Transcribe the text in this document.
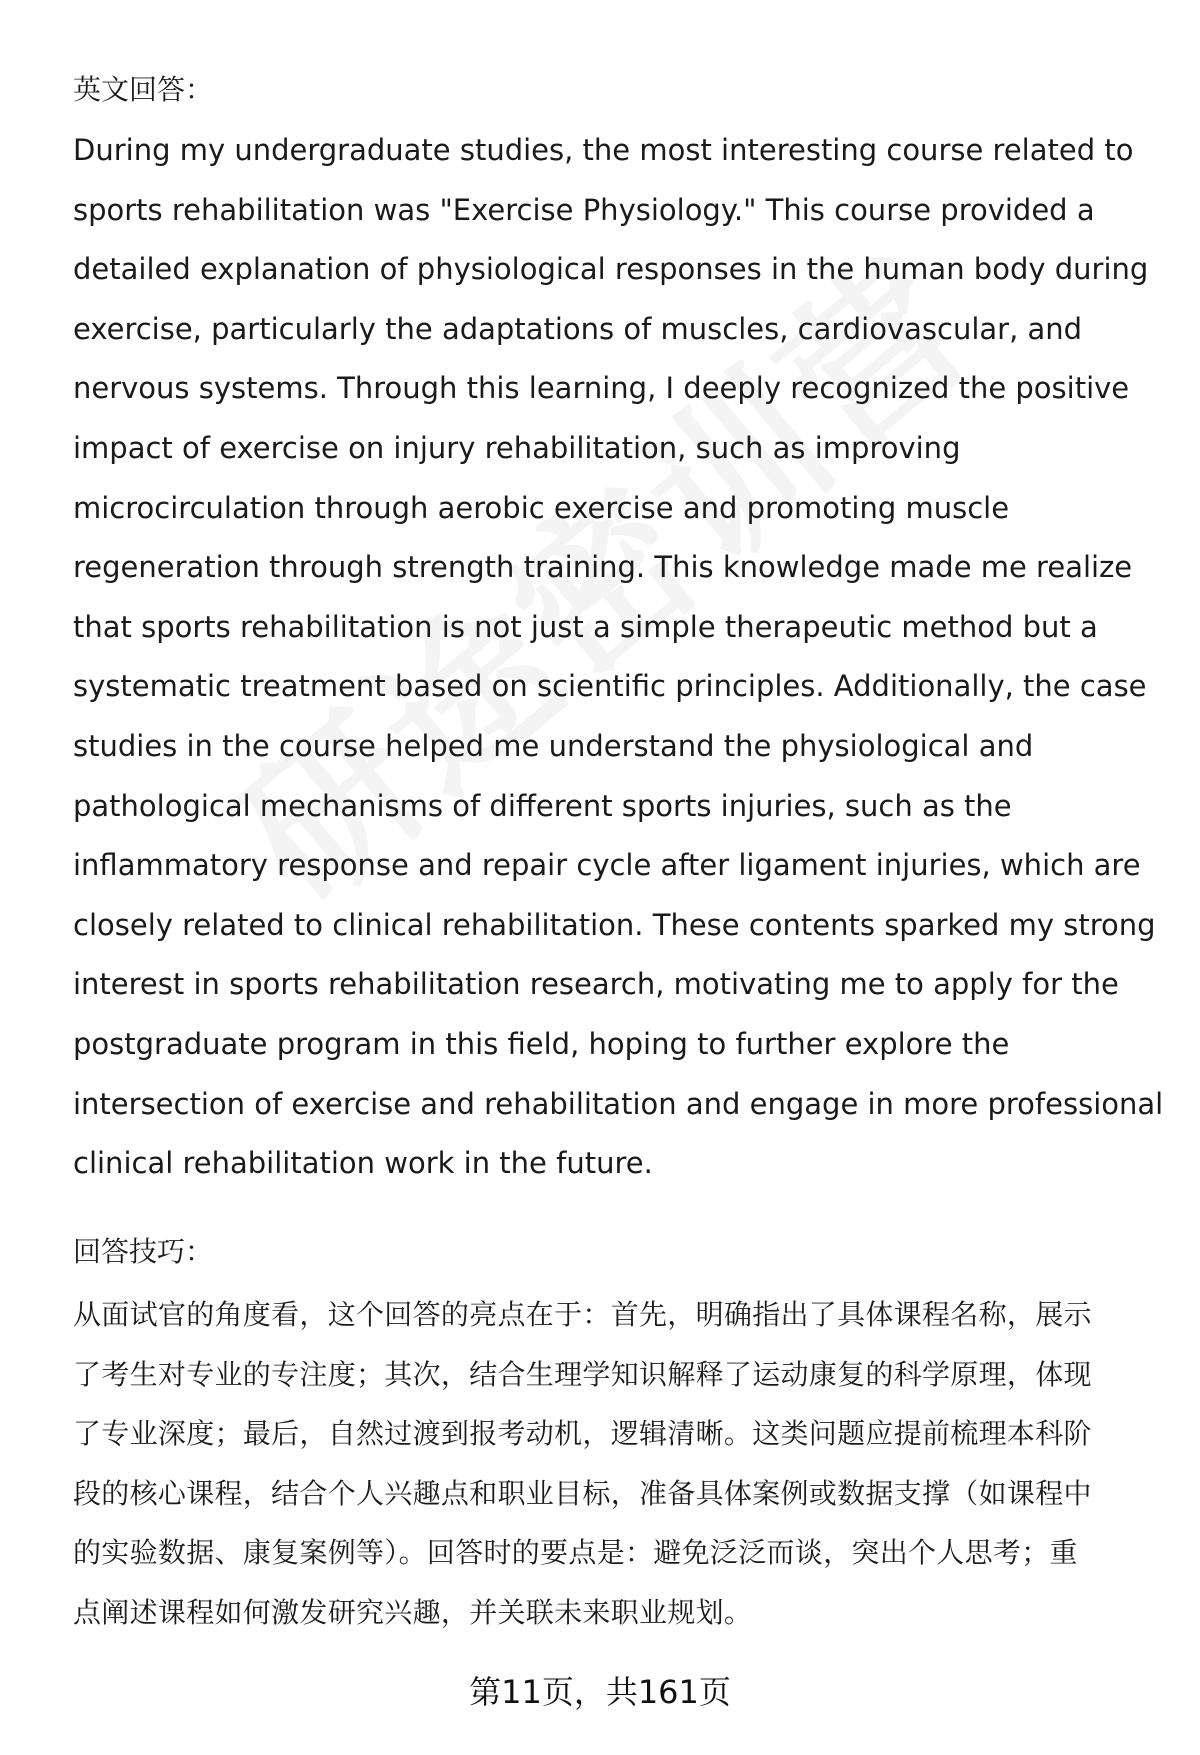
英文回答：

During my undergraduate studies, the most interesting course related to
sports rehabilitation was "Exercise Physiology." This course provided a
detailed explanation of physiological responses in the human body during
exercise, particularly the adaptations of muscles, cardiovascular, and
nervous systems. Through this learning, I deeply recognized the positive
impact of exercise on injury rehabilitation, such as improving
microcirculation through aerobic exercise and promoting muscle
regeneration through strength training. This knowledge made me realize
that sports rehabilitation is not just a simple therapeutic method but a
systematic treatment based on scientific principles. Additionally, the case
studies in the course helped me understand the physiological and
pathological mechanisms of different sports injuries, such as the
inflammatory response and repair cycle after ligament injuries, which are
closely related to clinical rehabilitation. These contents sparked my strong
interest in sports rehabilitation research, motivating me to apply for the
postgraduate program in this field, hoping to further explore the
intersection of exercise and rehabilitation and engage in more professional
clinical rehabilitation work in the future.

回答技巧：

从面试官的角度看，这个回答的亮点在于：首先，明确指出了具体课程名称，展示
了考生对专业的专注度；其次，结合生理学知识解释了运动康复的科学原理，体现
了专业深度；最后，自然过渡到报考动机，逻辑清晰。这类问题应提前梳理本科阶
段的核心课程，结合个人兴趣点和职业目标，准备具体案例或数据支撑（如课程中
的实验数据、康复案例等）。回答时的要点是：避免泛泛而谈，突出个人思考；重
点阐述课程如何激发研究兴趣，并关联未来职业规划。

第11页，共161页
